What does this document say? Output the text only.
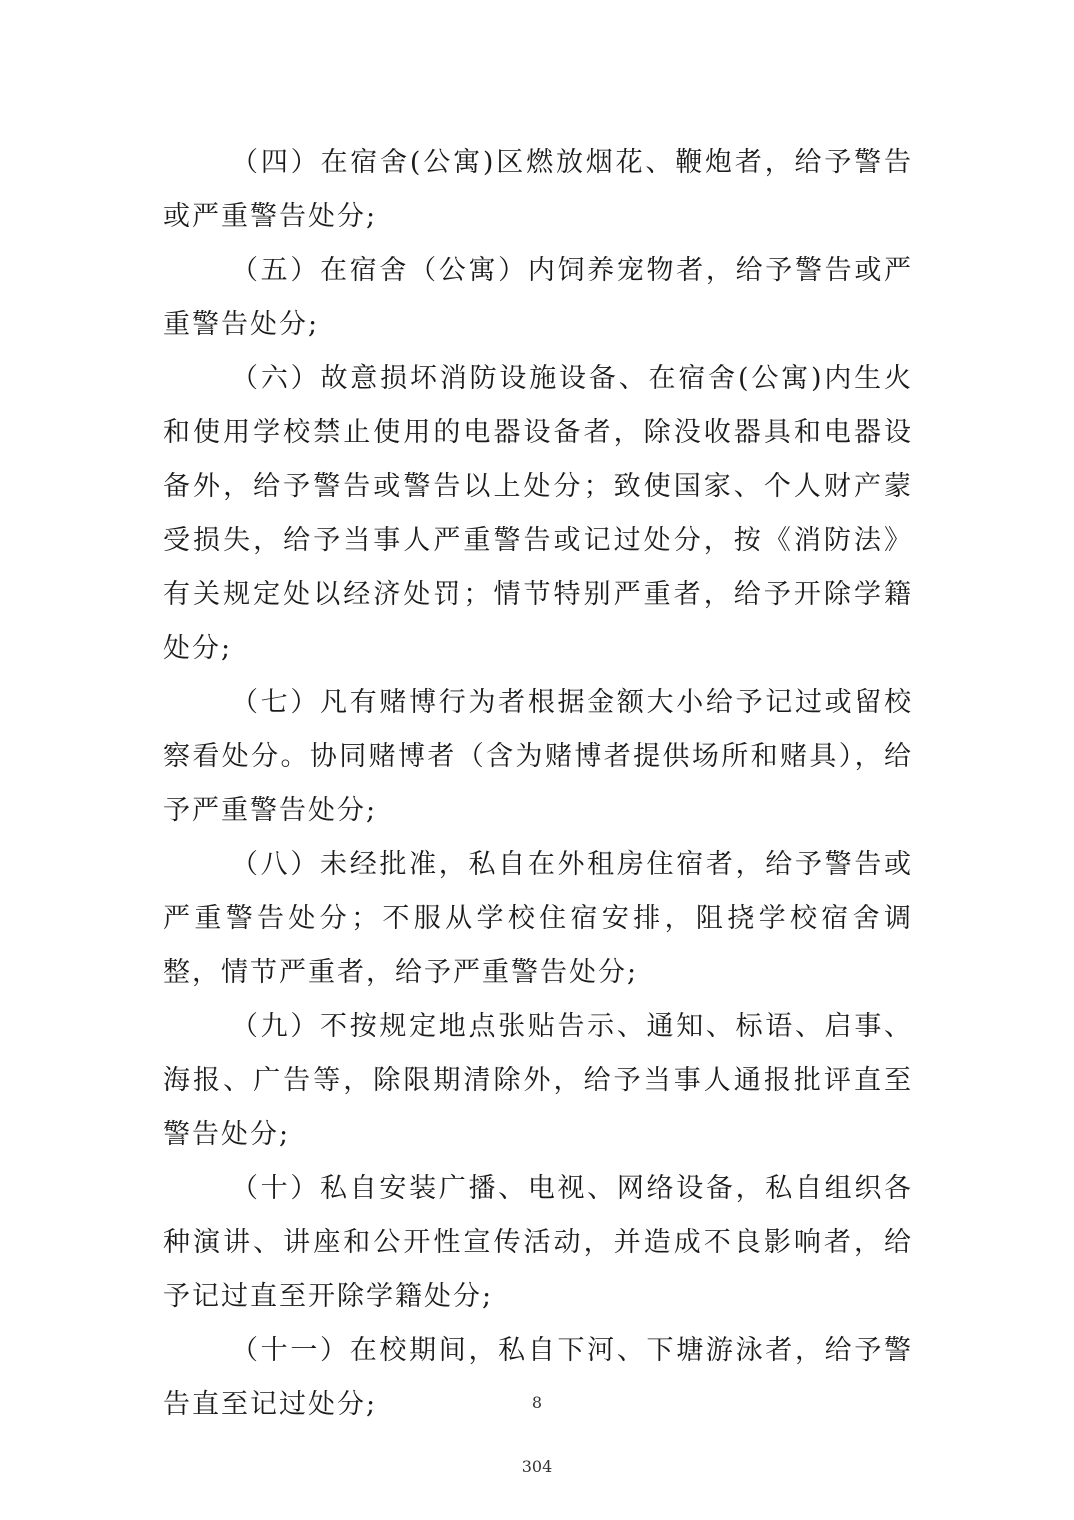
（四）在宿舍(公寓)区燃放烟花、鞭炮者，给予警告或严重警告处分;

（五）在宿舍（公寓）内饲养宠物者，给予警告或严重警告处分;

（六）故意损坏消防设施设备、在宿舍(公寓)内生火和使用学校禁止使用的电器设备者，除没收器具和电器设备外，给予警告或警告以上处分；致使国家、个人财产蒙受损失，给予当事人严重警告或记过处分，按《消防法》有关规定处以经济处罚；情节特别严重者，给予开除学籍处分;

（七）凡有赌博行为者根据金额大小给予记过或留校察看处分。协同赌博者（含为赌博者提供场所和赌具），给予严重警告处分;

（八）未经批准，私自在外租房住宿者，给予警告或严重警告处分；不服从学校住宿安排，阻挠学校宿舍调整，情节严重者，给予严重警告处分;

（九）不按规定地点张贴告示、通知、标语、启事、海报、广告等，除限期清除外，给予当事人通报批评直至警告处分;

（十）私自安装广播、电视、网络设备，私自组织各种演讲、讲座和公开性宣传活动，并造成不良影响者，给予记过直至开除学籍处分;

（十一）在校期间，私自下河、下塘游泳者，给予警告直至记过处分;	8
304
